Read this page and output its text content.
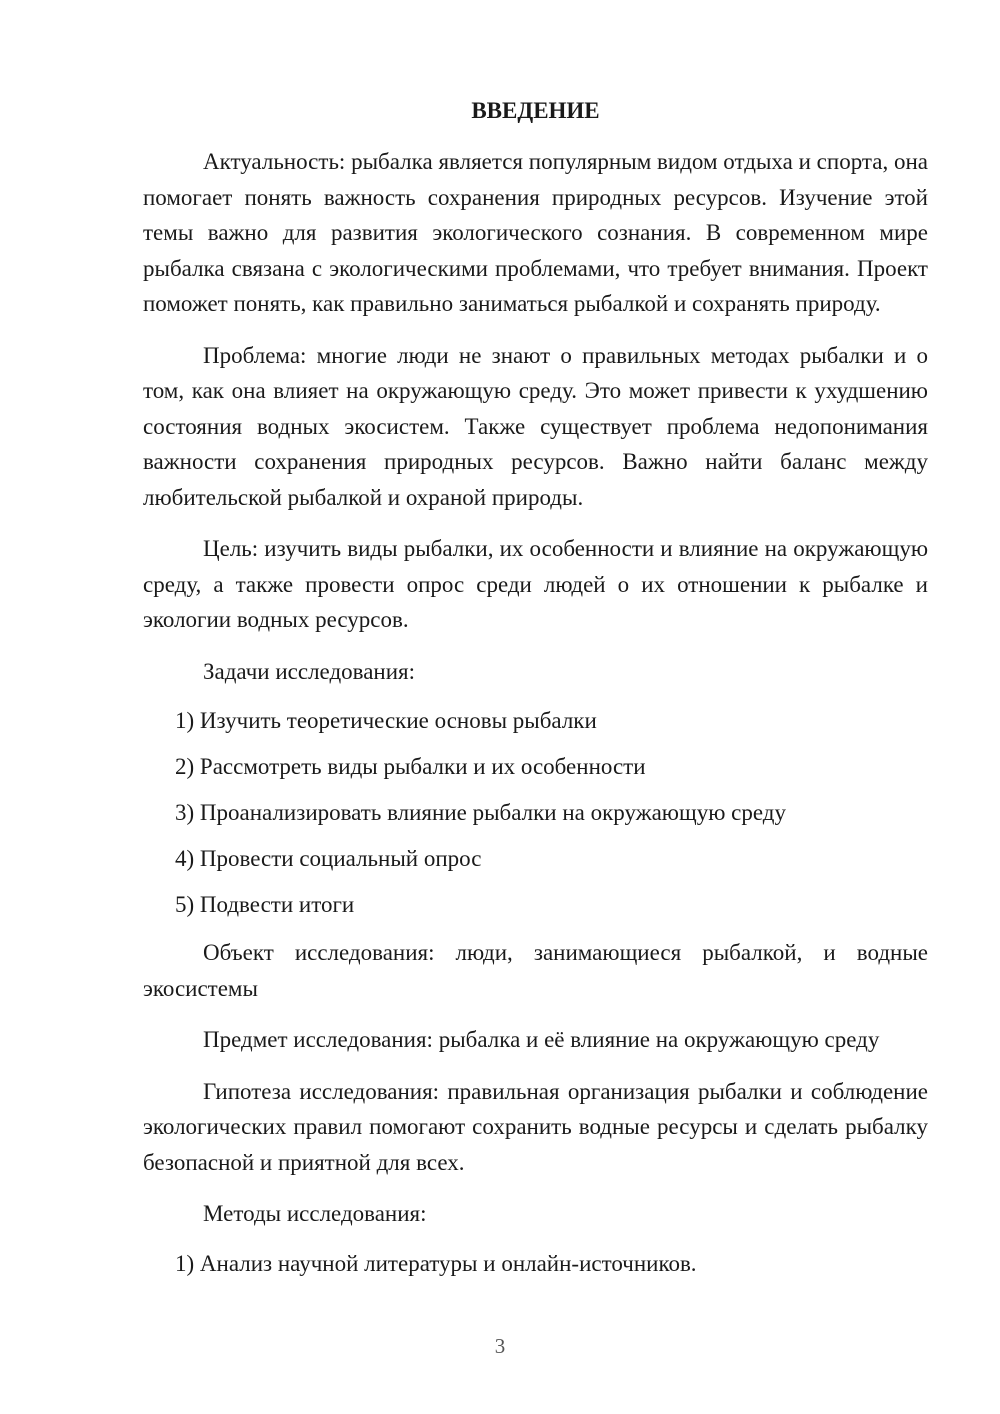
ВВЕДЕНИЕ

Актуальность: рыбалка является популярным видом отдыха и спорта, она помогает понять важность сохранения природных ресурсов. Изучение этой темы важно для развития экологического сознания. В современном мире рыбалка связана с экологическими проблемами, что требует внимания. Проект поможет понять, как правильно заниматься рыбалкой и сохранять природу.

Проблема: многие люди не знают о правильных методах рыбалки и о том, как она влияет на окружающую среду. Это может привести к ухудшению состояния водных экосистем. Также существует проблема недопонимания важности сохранения природных ресурсов. Важно найти баланс между любительской рыбалкой и охраной природы.

Цель: изучить виды рыбалки, их особенности и влияние на окружающую среду, а также провести опрос среди людей о их отношении к рыбалке и экологии водных ресурсов.

Задачи исследования:

1) Изучить теоретические основы рыбалки
2) Рассмотреть виды рыбалки и их особенности
3) Проанализировать влияние рыбалки на окружающую среду
4) Провести социальный опрос
5) Подвести итоги

Объект исследования: люди, занимающиеся рыбалкой, и водные экосистемы

Предмет исследования: рыбалка и её влияние на окружающую среду

Гипотеза исследования: правильная организация рыбалки и соблюдение экологических правил помогают сохранить водные ресурсы и сделать рыбалку безопасной и приятной для всех.

Методы исследования:

1) Анализ научной литературы и онлайн-источников.
3
